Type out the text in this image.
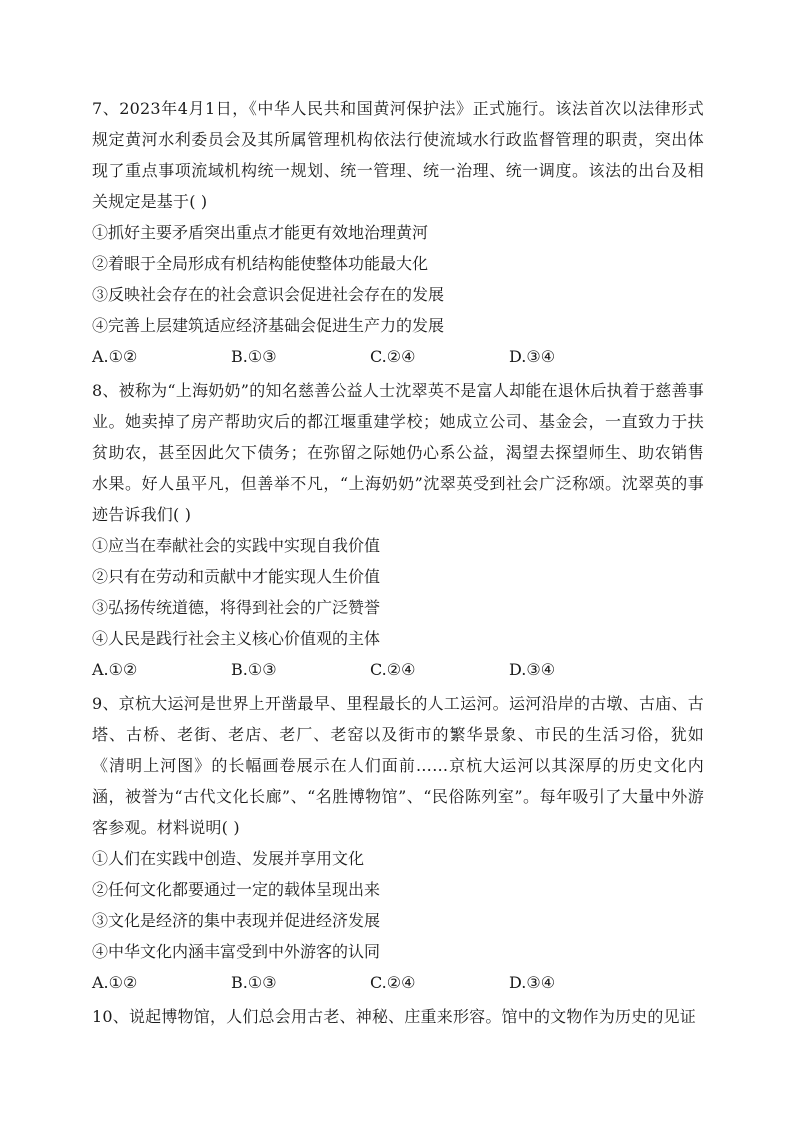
7、2023年4月1日，《中华人民共和国黄河保护法》正式施行。该法首次以法律形式规定黄河水利委员会及其所属管理机构依法行使流域水行政监督管理的职责，突出体现了重点事项流域机构统一规划、统一管理、统一治理、统一调度。该法的出台及相关规定是基于( )

①抓好主要矛盾突出重点才能更有效地治理黄河

②着眼于全局形成有机结构能使整体功能最大化

③反映社会存在的社会意识会促进社会存在的发展

④完善上层建筑适应经济基础会促进生产力的发展

A.①②	B.①③	C.②④	D.③④

8、被称为“上海奶奶”的知名慈善公益人士沈翠英不是富人却能在退休后执着于慈善事业。她卖掉了房产帮助灾后的都江堰重建学校；她成立公司、基金会，一直致力于扶贫助农，甚至因此欠下债务；在弥留之际她仍心系公益，渴望去探望师生、助农销售水果。好人虽平凡，但善举不凡，“上海奶奶”沈翠英受到社会广泛称颂。沈翠英的事迹告诉我们( )

①应当在奉献社会的实践中实现自我价值

②只有在劳动和贡献中才能实现人生价值

③弘扬传统道德，将得到社会的广泛赞誉

④人民是践行社会主义核心价值观的主体

A.①②	B.①③	C.②④	D.③④

9、京杭大运河是世界上开凿最早、里程最长的人工运河。运河沿岸的古墩、古庙、古塔、古桥、老街、老店、老厂、老窑以及街市的繁华景象、市民的生活习俗，犹如《清明上河图》的长幅画卷展示在人们面前……京杭大运河以其深厚的历史文化内涵，被誉为“古代文化长廊”、“名胜博物馆”、“民俗陈列室”。每年吸引了大量中外游客参观。材料说明( )

①人们在实践中创造、发展并享用文化

②任何文化都要通过一定的载体呈现出来

③文化是经济的集中表现并促进经济发展

④中华文化内涵丰富受到中外游客的认同

A.①②	B.①③	C.②④	D.③④

10、说起博物馆，人们总会用古老、神秘、庄重来形容。馆中的文物作为历史的见证
